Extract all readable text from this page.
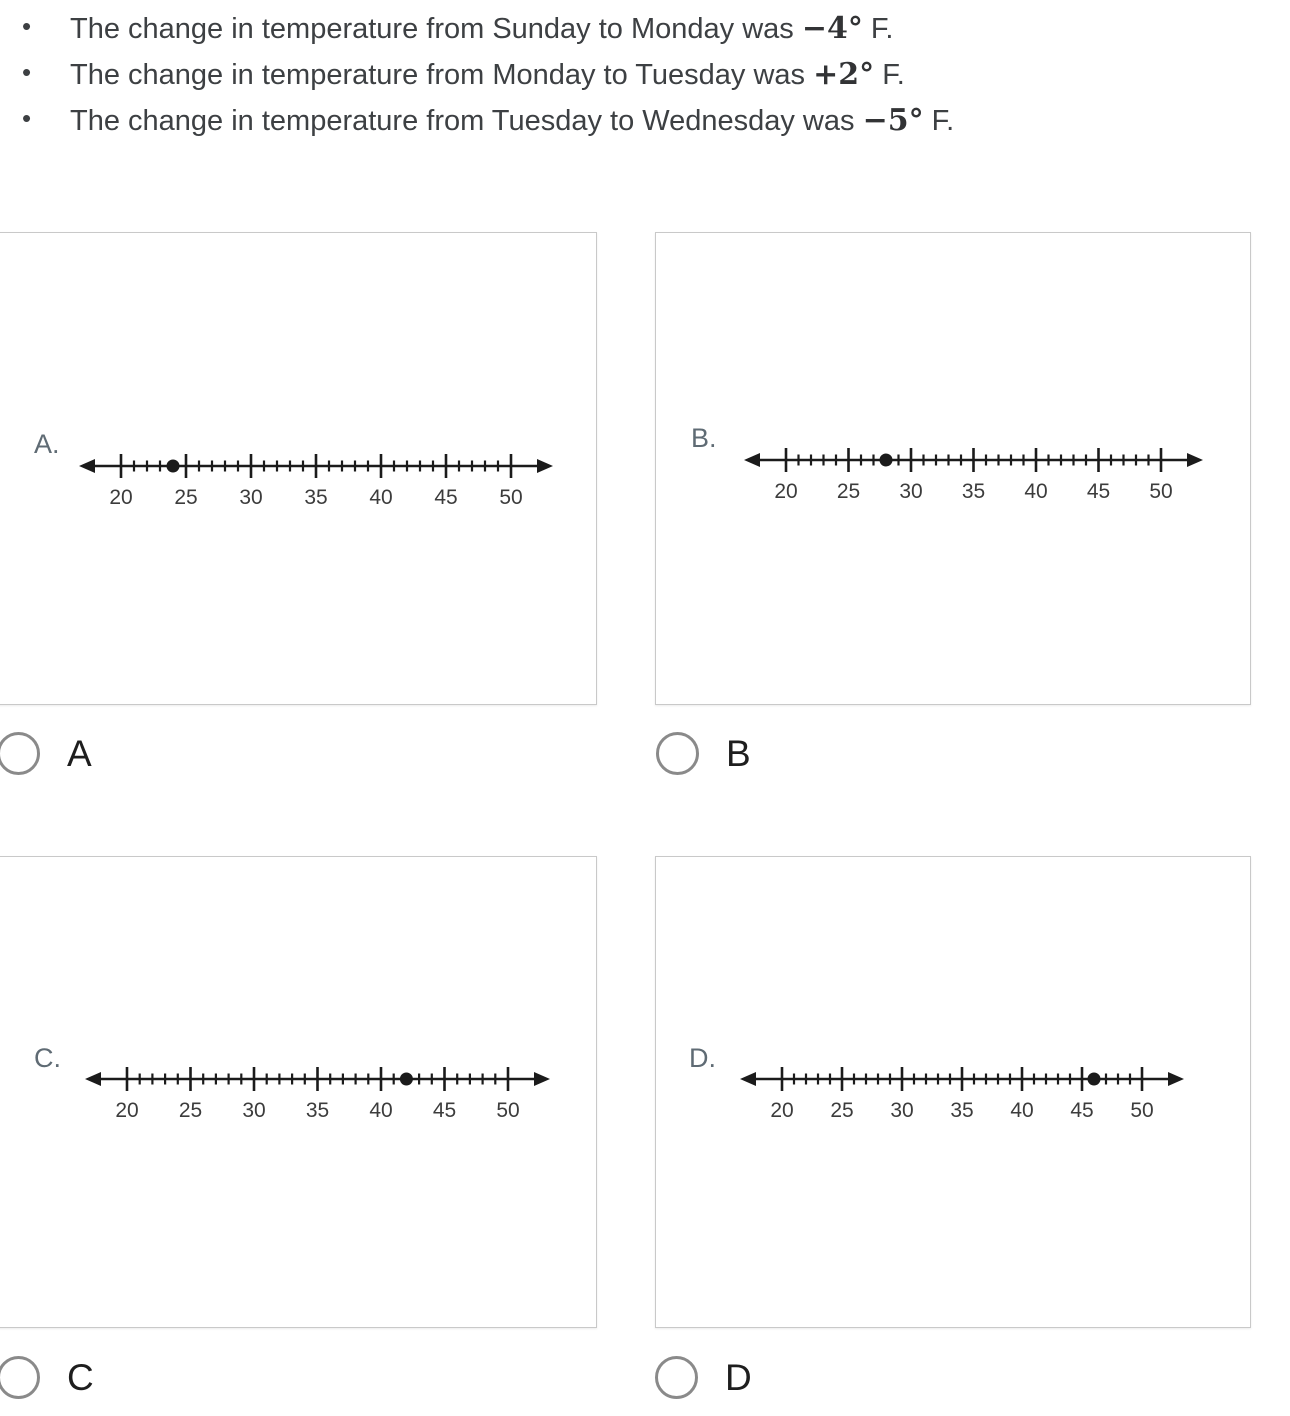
• The change in temperature from Sunday to Monday was −4° F.
• The change in temperature from Monday to Tuesday was +2° F.
• The change in temperature from Tuesday to Wednesday was −5° F.
A.
20 25 30 35 40 45 50
B.
20 25 30 35 40 45 50
C.
20 25 30 35 40 45 50
D.
20 25 30 35 40 45 50
A	B
C	D
